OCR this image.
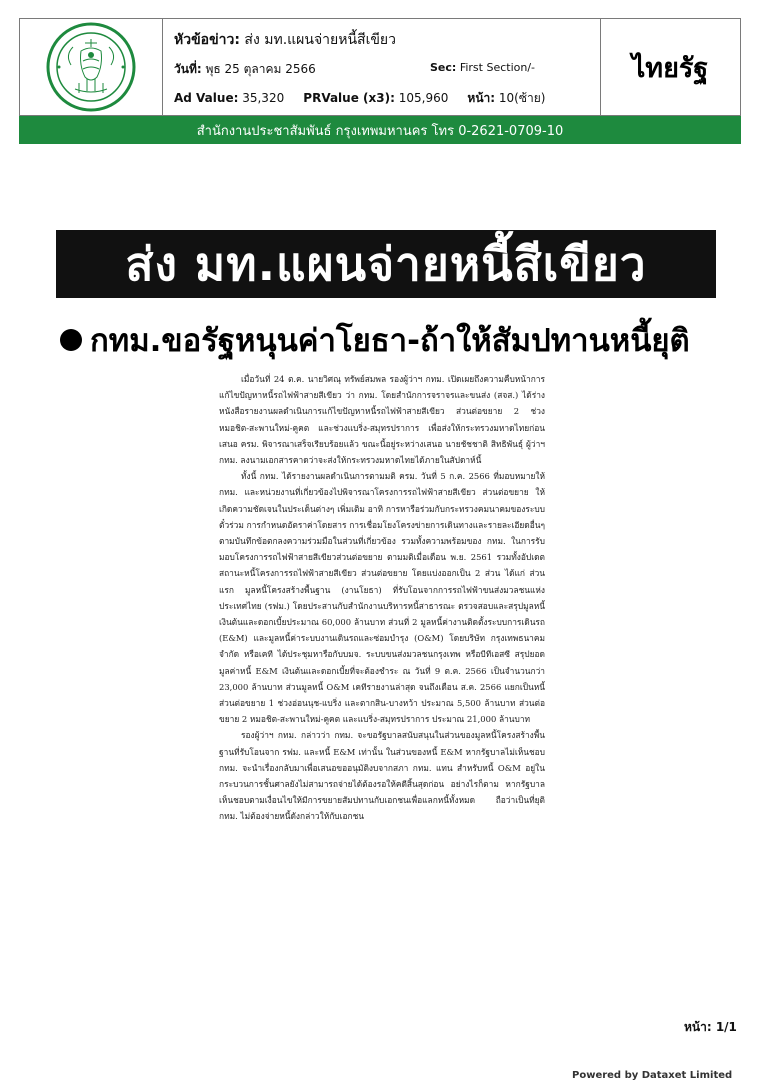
หัวข้อข่าว: ส่ง มท.แผนจ่ายหนี้สีเขียว
วันที่: พุธ 25 ตุลาคม 2566	Sec: First Section/-
Ad Value: 35,320 PRValue (x3): 105,960 หน้า: 10(ซ้าย)
ไทยรัฐ
สำนักงานประชาสัมพันธ์ กรุงเทพมหานคร โทร 0-2621-0709-10
ส่ง มท.แผนจ่ายหนี้สีเขียว
กทม.ขอรัฐหนุนค่าโยธา-ถ้าให้สัมปทานหนี้ยุติ

เมื่อวันที่ 24 ต.ค. นายวิศณุ ทรัพย์สมพล รองผู้ว่าฯ กทม. เปิดเผยถึงความคืบหน้าการแก้ไขปัญหาหนี้รถไฟฟ้าสายสีเขียว ว่า กทม. โดยสำนักการจราจรและขนส่ง (สจส.) ได้ร่างหนังสือรายงานผลดำเนินการแก้ไขปัญหาหนี้รถไฟฟ้าสายสีเขียว ส่วนต่อขยาย 2 ช่วงหมอชิต-สะพานใหม่-คูคต และช่วงแบริ่ง-สมุทรปราการ เพื่อส่งให้กระทรวงมหาดไทยก่อนเสนอ ครม. พิจารณาเสร็จเรียบร้อยแล้ว ขณะนี้อยู่ระหว่างเสนอ นายชัชชาติ สิทธิพันธุ์ ผู้ว่าฯ กทม. ลงนามเอกสารคาดว่าจะส่งให้กระทรวงมหาดไทยได้ภายในสัปดาห์นี้

ทั้งนี้ กทม. ได้รายงานผลดำเนินการตามมติ ครม. วันที่ 5 ก.ค. 2566 ที่มอบหมายให้ กทม. และหน่วยงานที่เกี่ยวข้องไปพิจารณาโครงการรถไฟฟ้าสายสีเขียว ส่วนต่อขยาย ให้เกิดความชัดเจนในประเด็นต่างๆ เพิ่มเติม อาทิ การหารือร่วมกับกระทรวงคมนาคมของระบบตั๋วร่วม การกำหนดอัตราค่าโดยสาร การเชื่อมโยงโครงข่ายการเดินทางและรายละเอียดอื่นๆ ตามบันทึกข้อตกลงความร่วมมือในส่วนที่เกี่ยวข้อง รวมทั้งความพร้อมของ กทม. ในการรับมอบโครงการรถไฟฟ้าสายสีเขียวส่วนต่อขยาย ตามมติเมื่อเดือน พ.ย. 2561 รวมทั้งอัปเดตสถานะหนี้โครงการรถไฟฟ้าสายสีเขียว ส่วนต่อขยาย โดยแบ่งออกเป็น 2 ส่วน ได้แก่ ส่วนแรก มูลหนี้โครงสร้างพื้นฐาน (งานโยธา) ที่รับโอนจากการรถไฟฟ้าขนส่งมวลชนแห่งประเทศไทย (รฟม.) โดยประสานกับสำนักงานบริหารหนี้สาธารณะ ตรวจสอบและสรุปมูลหนี้เงินต้นและดอกเบี้ยประมาณ 60,000 ล้านบาท ส่วนที่ 2 มูลหนี้ค่างานติดตั้งระบบการเดินรถ (E&M) และมูลหนี้ค่าระบบงานเดินรถและซ่อมบำรุง (O&M) โดยบริษัท กรุงเทพธนาคม จำกัด หรือเคที ได้ประชุมหารือกับบมจ. ระบบขนส่งมวลชนกรุงเทพ หรือบีทีเอสซี สรุปยอดมูลค่าหนี้ E&M เงินต้นและดอกเบี้ยที่จะต้องชำระ ณ วันที่ 9 ต.ค. 2566 เป็นจำนวนกว่า 23,000 ล้านบาท ส่วนมูลหนี้ O&M เคทีรายงานล่าสุด จนถึงเดือน ส.ค. 2566 แยกเป็นหนี้ ส่วนต่อขยาย 1 ช่วงอ่อนนุช-แบริ่ง และตากสิน-บางหว้า ประมาณ 5,500 ล้านบาท ส่วนต่อขยาย 2 หมอชิต-สะพานใหม่-คูคต และแบริ่ง-สมุทรปราการ ประมาณ 21,000 ล้านบาท

รองผู้ว่าฯ กทม. กล่าวว่า กทม. จะขอรัฐบาลสนับสนุนในส่วนของมูลหนี้โครงสร้างพื้นฐานที่รับโอนจาก รฟม. และหนี้ E&M เท่านั้น ในส่วนของหนี้ E&M หากรัฐบาลไม่เห็นชอบ กทม. จะนำเรื่องกลับมาเพื่อเสนอขออนุมัติงบจากสภา กทม. แทน สำหรับหนี้ O&M อยู่ในกระบวนการชั้นศาลยังไม่สามารถจ่ายได้ต้องรอให้คดีสิ้นสุดก่อน อย่างไรก็ตาม หากรัฐบาลเห็นชอบตามเงื่อนไขให้มีการขยายสัมปทานกับเอกชนเพื่อแลกหนี้ทั้งหมด ถือว่าเป็นที่ยุติ กทม. ไม่ต้องจ่ายหนี้ดังกล่าวให้กับเอกชน

หน้า: 1/1
Powered by Dataxet Limited
